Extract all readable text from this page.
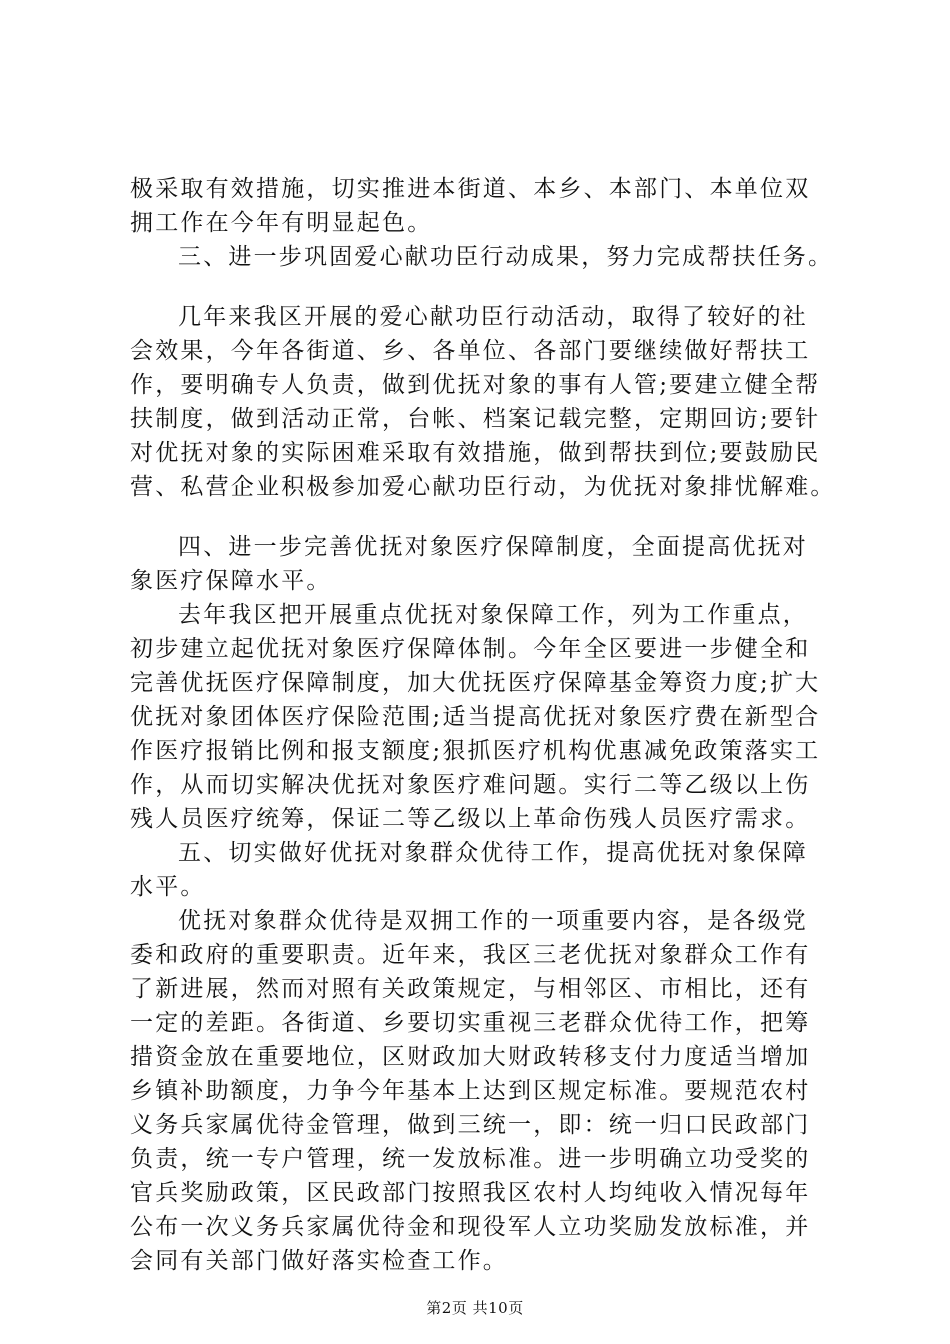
极采取有效措施，切实推进本街道、本乡、本部门、本单位双
拥工作在今年有明显起色。
三、进一步巩固爱心献功臣行动成果，努力完成帮扶任务。
几年来我区开展的爱心献功臣行动活动，取得了较好的社
会效果，今年各街道、乡、各单位、各部门要继续做好帮扶工
作，要明确专人负责，做到优抚对象的事有人管;要建立健全帮
扶制度，做到活动正常，台帐、档案记载完整，定期回访;要针
对优抚对象的实际困难采取有效措施，做到帮扶到位;要鼓励民
营、私营企业积极参加爱心献功臣行动，为优抚对象排忧解难。
四、进一步完善优抚对象医疗保障制度，全面提高优抚对
象医疗保障水平。
去年我区把开展重点优抚对象保障工作，列为工作重点，
初步建立起优抚对象医疗保障体制。今年全区要进一步健全和
完善优抚医疗保障制度，加大优抚医疗保障基金筹资力度;扩大
优抚对象团体医疗保险范围;适当提高优抚对象医疗费在新型合
作医疗报销比例和报支额度;狠抓医疗机构优惠减免政策落实工
作，从而切实解决优抚对象医疗难问题。实行二等乙级以上伤
残人员医疗统筹，保证二等乙级以上革命伤残人员医疗需求。
五、切实做好优抚对象群众优待工作，提高优抚对象保障
水平。
优抚对象群众优待是双拥工作的一项重要内容，是各级党
委和政府的重要职责。近年来，我区三老优抚对象群众工作有
了新进展，然而对照有关政策规定，与相邻区、市相比，还有
一定的差距。各街道、乡要切实重视三老群众优待工作，把筹
措资金放在重要地位，区财政加大财政转移支付力度适当增加
乡镇补助额度，力争今年基本上达到区规定标准。要规范农村
义务兵家属优待金管理，做到三统一，即：统一归口民政部门
负责，统一专户管理，统一发放标准。进一步明确立功受奖的
官兵奖励政策，区民政部门按照我区农村人均纯收入情况每年
公布一次义务兵家属优待金和现役军人立功奖励发放标准，并
会同有关部门做好落实检查工作。
第2页 共10页
